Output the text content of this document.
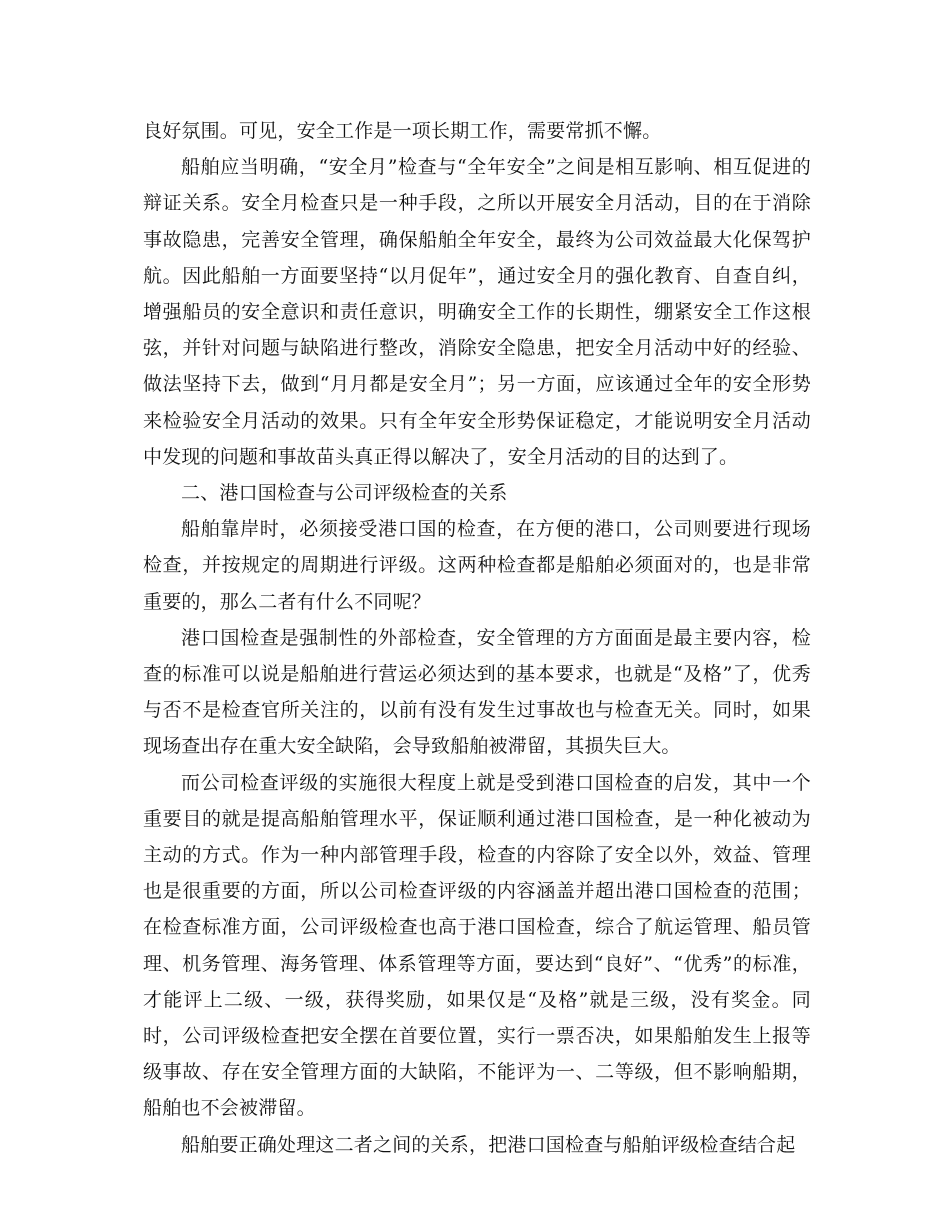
良好氛围。可见，安全工作是一项长期工作，需要常抓不懈。

船舶应当明确，“安全月”检查与“全年安全”之间是相互影响、相互促进的辩证关系。安全月检查只是一种手段，之所以开展安全月活动，目的在于消除事故隐患，完善安全管理，确保船舶全年安全，最终为公司效益最大化保驾护航。因此船舶一方面要坚持“以月促年”，通过安全月的强化教育、自查自纠，增强船员的安全意识和责任意识，明确安全工作的长期性，绷紧安全工作这根弦，并针对问题与缺陷进行整改，消除安全隐患，把安全月活动中好的经验、做法坚持下去，做到“月月都是安全月”；另一方面，应该通过全年的安全形势来检验安全月活动的效果。只有全年安全形势保证稳定，才能说明安全月活动中发现的问题和事故苗头真正得以解决了，安全月活动的目的达到了。

二、港口国检查与公司评级检查的关系

船舶靠岸时，必须接受港口国的检查，在方便的港口，公司则要进行现场检查，并按规定的周期进行评级。这两种检查都是船舶必须面对的，也是非常重要的，那么二者有什么不同呢？

港口国检查是强制性的外部检查，安全管理的方方面面是最主要内容，检查的标准可以说是船舶进行营运必须达到的基本要求，也就是“及格”了，优秀与否不是检查官所关注的，以前有没有发生过事故也与检查无关。同时，如果现场查出存在重大安全缺陷，会导致船舶被滞留，其损失巨大。

而公司检查评级的实施很大程度上就是受到港口国检查的启发，其中一个重要目的就是提高船舶管理水平，保证顺利通过港口国检查，是一种化被动为主动的方式。作为一种内部管理手段，检查的内容除了安全以外，效益、管理也是很重要的方面，所以公司检查评级的内容涵盖并超出港口国检查的范围；在检查标准方面，公司评级检查也高于港口国检查，综合了航运管理、船员管理、机务管理、海务管理、体系管理等方面，要达到“良好”、“优秀”的标准，才能评上二级、一级，获得奖励，如果仅是“及格”就是三级，没有奖金。同时，公司评级检查把安全摆在首要位置，实行一票否决，如果船舶发生上报等级事故、存在安全管理方面的大缺陷，不能评为一、二等级，但不影响船期，船舶也不会被滞留。

船舶要正确处理这二者之间的关系，把港口国检查与船舶评级检查结合起
